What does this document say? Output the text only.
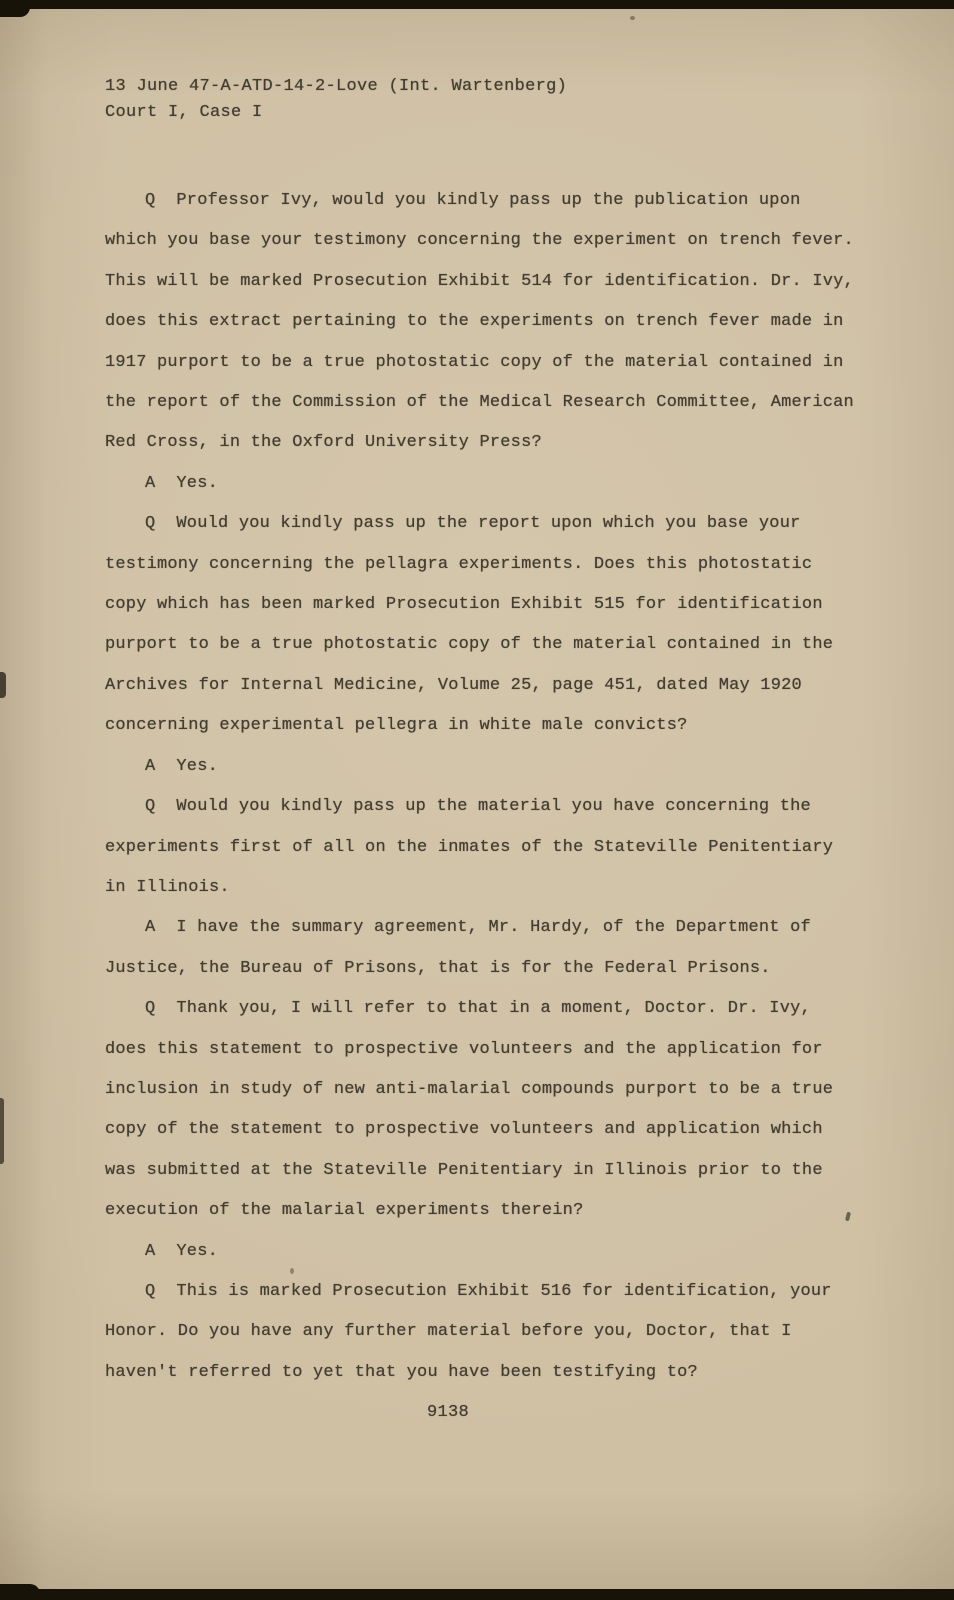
13 June 47-A-ATD-14-2-Love (Int. Wartenberg)
Court I, Case I

Q Professor Ivy, would you kindly pass up the publication upon which you base your testimony concerning the experiment on trench fever. This will be marked Prosecution Exhibit 514 for identification. Dr. Ivy, does this extract pertaining to the experiments on trench fever made in 1917 purport to be a true photostatic copy of the material contained in the report of the Commission of the Medical Research Committee, American Red Cross, in the Oxford University Press?

A Yes.

Q Would you kindly pass up the report upon which you base your testimony concerning the pellagra experiments. Does this photostatic copy which has been marked Prosecution Exhibit 515 for identification purport to be a true photostatic copy of the material contained in the Archives for Internal Medicine, Volume 25, page 451, dated May 1920 concerning experimental pellegra in white male convicts?

A Yes.

Q Would you kindly pass up the material you have concerning the experiments first of all on the inmates of the Stateville Penitentiary in Illinois.

A I have the summary agreement, Mr. Hardy, of the Department of Justice, the Bureau of Prisons, that is for the Federal Prisons.

Q Thank you, I will refer to that in a moment, Doctor. Dr. Ivy, does this statement to prospective volunteers and the application for inclusion in study of new anti-malarial compounds purport to be a true copy of the statement to prospective volunteers and application which was submitted at the Stateville Penitentiary in Illinois prior to the execution of the malarial experiments therein?

A Yes.

Q This is marked Prosecution Exhibit 516 for identification, your Honor. Do you have any further material before you, Doctor, that I haven't referred to yet that you have been testifying to?

9138
